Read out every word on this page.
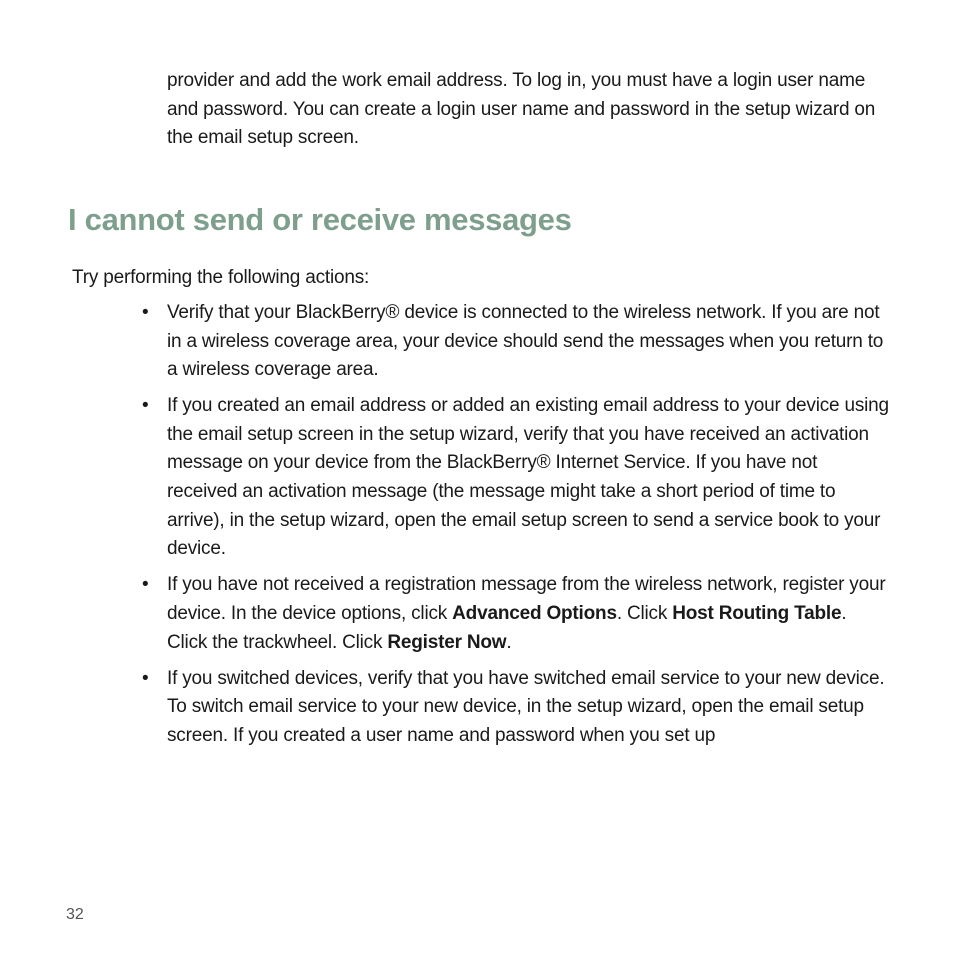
provider and add the work email address. To log in, you must have a login user name and password. You can create a login user name and password in the setup wizard on the email setup screen.

I cannot send or receive messages

Try performing the following actions:

• Verify that your BlackBerry® device is connected to the wireless network. If you are not in a wireless coverage area, your device should send the messages when you return to a wireless coverage area.
• If you created an email address or added an existing email address to your device using the email setup screen in the setup wizard, verify that you have received an activation message on your device from the BlackBerry® Internet Service. If you have not received an activation message (the message might take a short period of time to arrive), in the setup wizard, open the email setup screen to send a service book to your device.
• If you have not received a registration message from the wireless network, register your device. In the device options, click Advanced Options. Click Host Routing Table. Click the trackwheel. Click Register Now.
• If you switched devices, verify that you have switched email service to your new device. To switch email service to your new device, in the setup wizard, open the email setup screen. If you created a user name and password when you set up

32
